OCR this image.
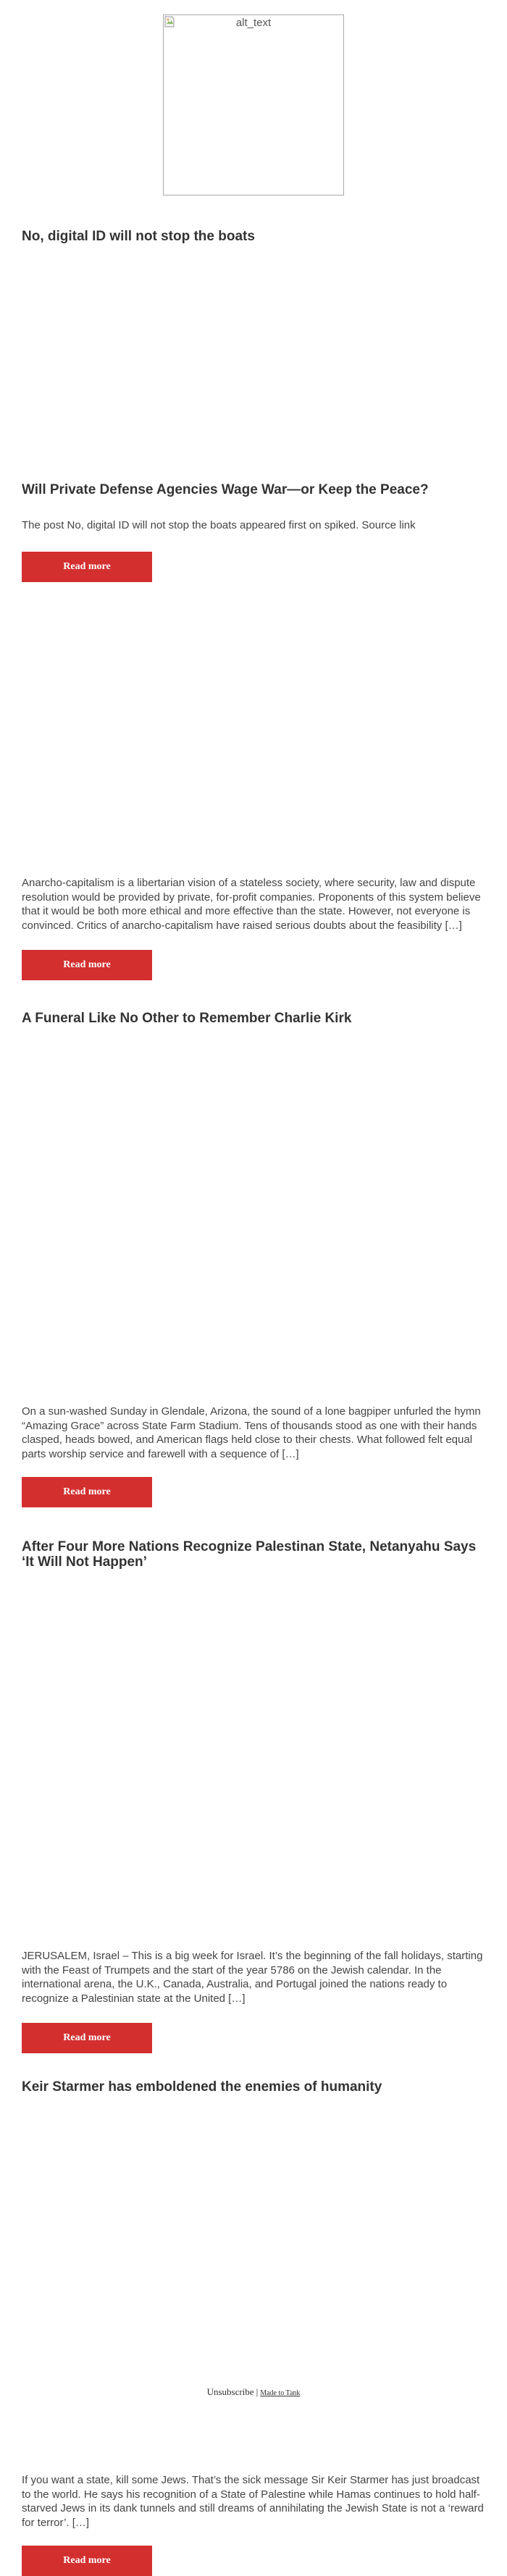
alt_text
No, digital ID will not stop the boats

The post No, digital ID will not stop the boats appeared first on spiked. Source link

Read more
Will Private Defense Agencies Wage War—or Keep the Peace?

Anarcho-capitalism is a libertarian vision of a stateless society, where security, law and dispute resolution would be provided by private, for-profit companies. Proponents of this system believe that it would be both more ethical and more effective than the state. However, not everyone is convinced. Critics of anarcho-capitalism have raised serious doubts about the feasibility […]

Read more
A Funeral Like No Other to Remember Charlie Kirk

On a sun-washed Sunday in Glendale, Arizona, the sound of a lone bagpiper unfurled the hymn “Amazing Grace” across State Farm Stadium. Tens of thousands stood as one with their hands clasped, heads bowed, and American flags held close to their chests. What followed felt equal parts worship service and farewell with a sequence of […]

Read more
After Four More Nations Recognize Palestinan State, Netanyahu Says ‘It Will Not Happen’

JERUSALEM, Israel – This is a big week for Israel. It’s the beginning of the fall holidays, starting with the Feast of Trumpets and the start of the year 5786 on the Jewish calendar. In the international arena, the U.K., Canada, Australia, and Portugal joined the nations ready to recognize a Palestinian state at the United […]

Read more
Keir Starmer has emboldened the enemies of humanity

If you want a state, kill some Jews. That’s the sick message Sir Keir Starmer has just broadcast to the world. He says his recognition of a State of Palestine while Hamas continues to hold half-starved Jews in its dank tunnels and still dreams of annihilating the Jewish State is not a ‘reward for terror’. […]

Read more
Unsubscribe | Made to Tank
